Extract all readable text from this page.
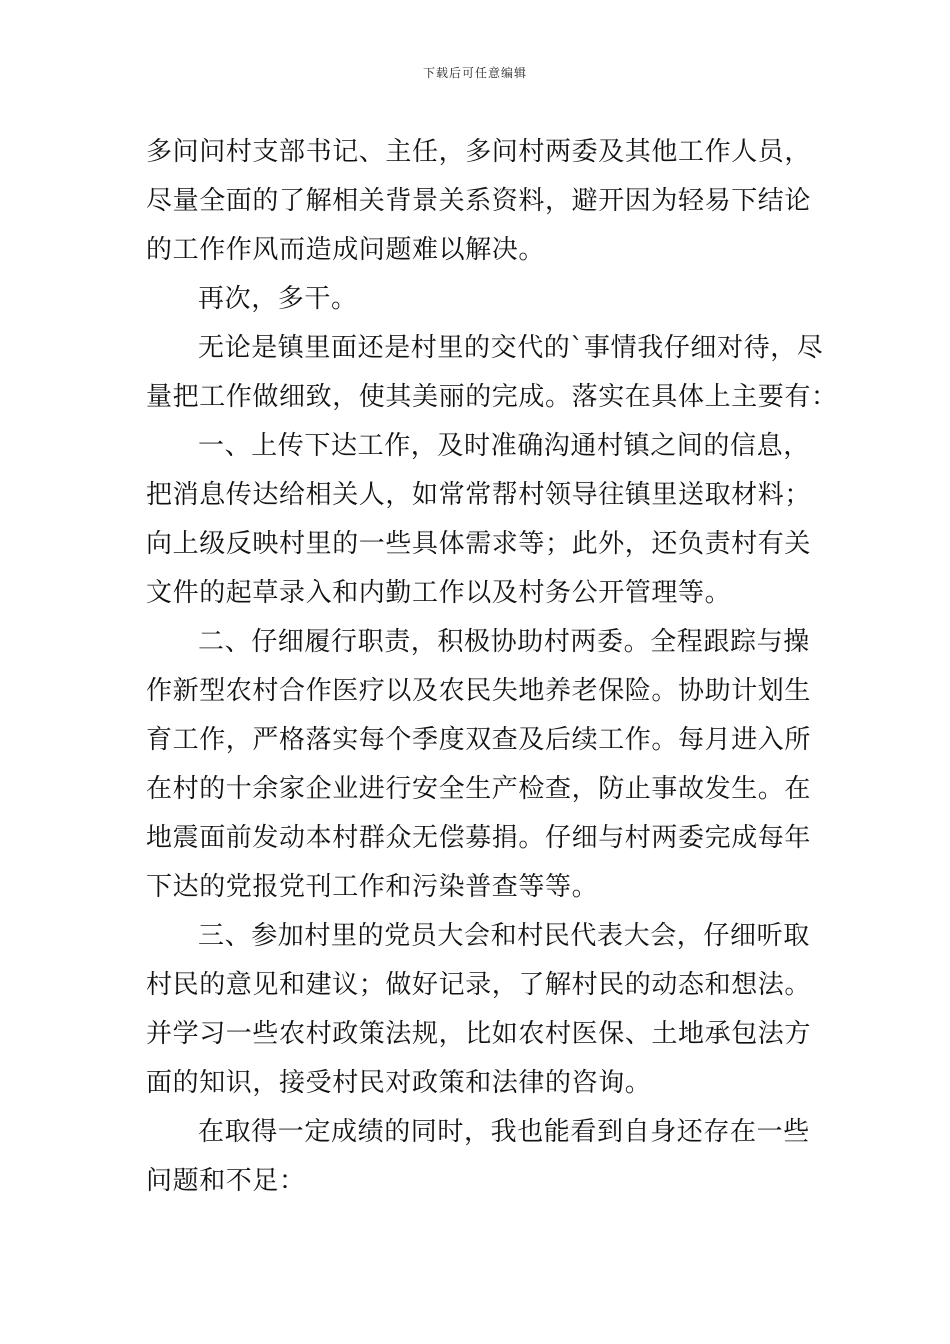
下载后可任意编辑
多问问村支部书记、主任，多问村两委及其他工作人员，
尽量全面的了解相关背景关系资料，避开因为轻易下结论
的工作作风而造成问题难以解决。
再次，多干。
无论是镇里面还是村里的交代的`事情我仔细对待，尽
量把工作做细致，使其美丽的完成。落实在具体上主要有：
一、上传下达工作，及时准确沟通村镇之间的信息，
把消息传达给相关人，如常常帮村领导往镇里送取材料；
向上级反映村里的一些具体需求等；此外，还负责村有关
文件的起草录入和内勤工作以及村务公开管理等。
二、仔细履行职责，积极协助村两委。全程跟踪与操
作新型农村合作医疗以及农民失地养老保险。协助计划生
育工作，严格落实每个季度双查及后续工作。每月进入所
在村的十余家企业进行安全生产检查，防止事故发生。在
地震面前发动本村群众无偿募捐。仔细与村两委完成每年
下达的党报党刊工作和污染普查等等。
三、参加村里的党员大会和村民代表大会，仔细听取
村民的意见和建议；做好记录，了解村民的动态和想法。
并学习一些农村政策法规，比如农村医保、土地承包法方
面的知识，接受村民对政策和法律的咨询。
在取得一定成绩的同时，我也能看到自身还存在一些
问题和不足：
